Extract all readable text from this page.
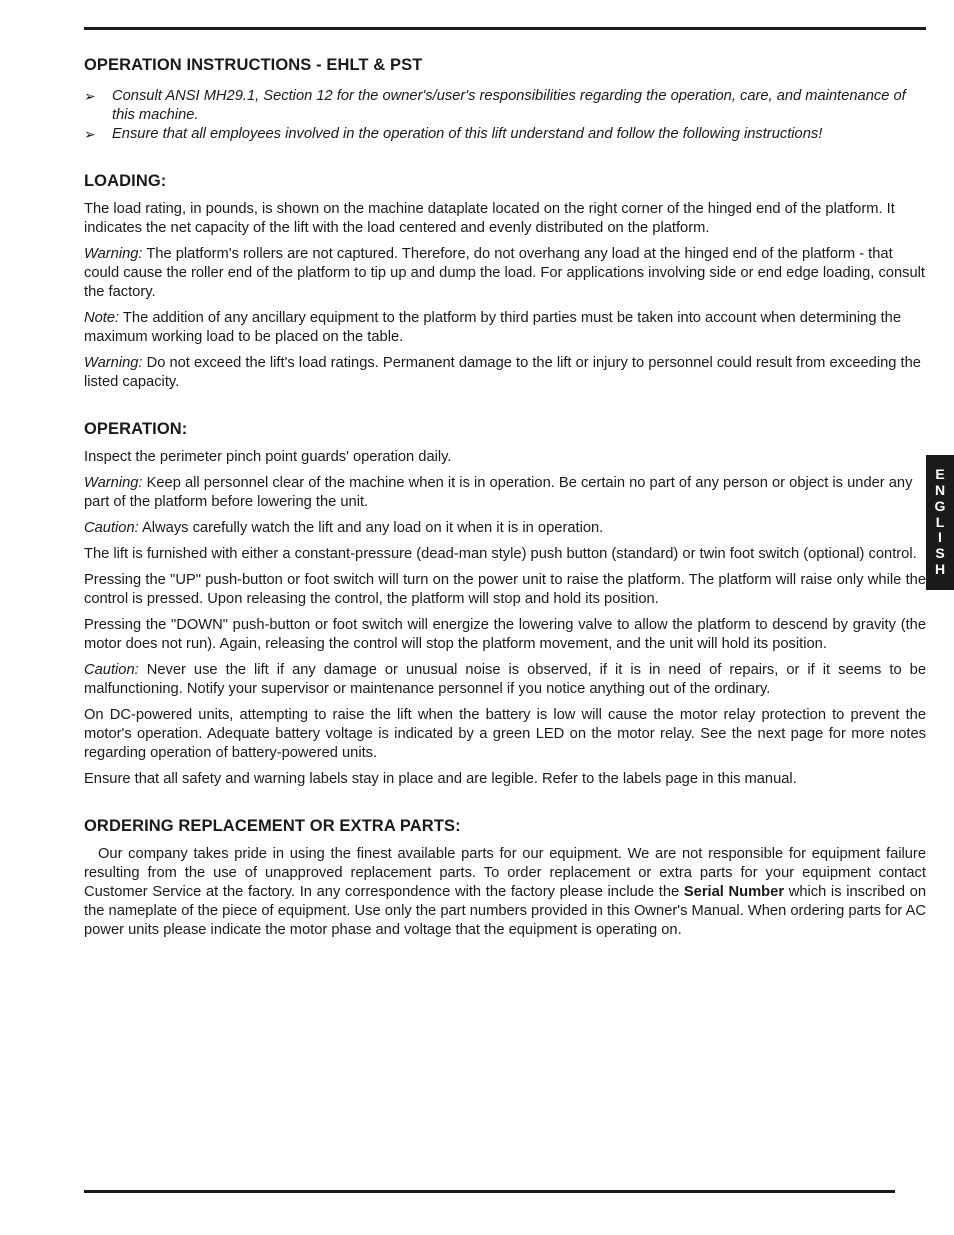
OPERATION INSTRUCTIONS - EHLT & PST
➢ Consult ANSI MH29.1, Section 12 for the owner's/user's responsibilities regarding the operation, care, and maintenance of this machine.
➢ Ensure that all employees involved in the operation of this lift understand and follow the following instructions!
LOADING:

The load rating, in pounds, is shown on the machine dataplate located on the right corner of the hinged end of the platform. It indicates the net capacity of the lift with the load centered and evenly distributed on the platform.

Warning: The platform's rollers are not captured. Therefore, do not overhang any load at the hinged end of the platform - that could cause the roller end of the platform to tip up and dump the load. For applications involving side or end edge loading, consult the factory.

Note: The addition of any ancillary equipment to the platform by third parties must be taken into account when determining the maximum working load to be placed on the table.

Warning: Do not exceed the lift's load ratings. Permanent damage to the lift or injury to personnel could result from exceeding the listed capacity.

OPERATION:

Inspect the perimeter pinch point guards' operation daily.

Warning: Keep all personnel clear of the machine when it is in operation. Be certain no part of any person or object is under any part of the platform before lowering the unit.

Caution: Always carefully watch the lift and any load on it when it is in operation.

The lift is furnished with either a constant-pressure (dead-man style) push button (standard) or twin foot switch (optional) control.

Pressing the "UP" push-button or foot switch will turn on the power unit to raise the platform. The platform will raise only while the control is pressed. Upon releasing the control, the platform will stop and hold its position.

Pressing the "DOWN" push-button or foot switch will energize the lowering valve to allow the platform to descend by gravity (the motor does not run). Again, releasing the control will stop the platform movement, and the unit will hold its position.

Caution: Never use the lift if any damage or unusual noise is observed, if it is in need of repairs, or if it seems to be malfunctioning. Notify your supervisor or maintenance personnel if you notice anything out of the ordinary.

On DC-powered units, attempting to raise the lift when the battery is low will cause the motor relay protection to prevent the motor's operation. Adequate battery voltage is indicated by a green LED on the motor relay. See the next page for more notes regarding operation of battery-powered units.

Ensure that all safety and warning labels stay in place and are legible. Refer to the labels page in this manual.

ORDERING REPLACEMENT OR EXTRA PARTS:

Our company takes pride in using the finest available parts for our equipment. We are not responsible for equipment failure resulting from the use of unapproved replacement parts. To order replacement or extra parts for your equipment contact Customer Service at the factory. In any correspondence with the factory please include the Serial Number which is inscribed on the nameplate of the piece of equipment. Use only the part numbers provided in this Owner's Manual. When ordering parts for AC power units please indicate the motor phase and voltage that the equipment is operating on.

E
N
G
L
I
S
H
